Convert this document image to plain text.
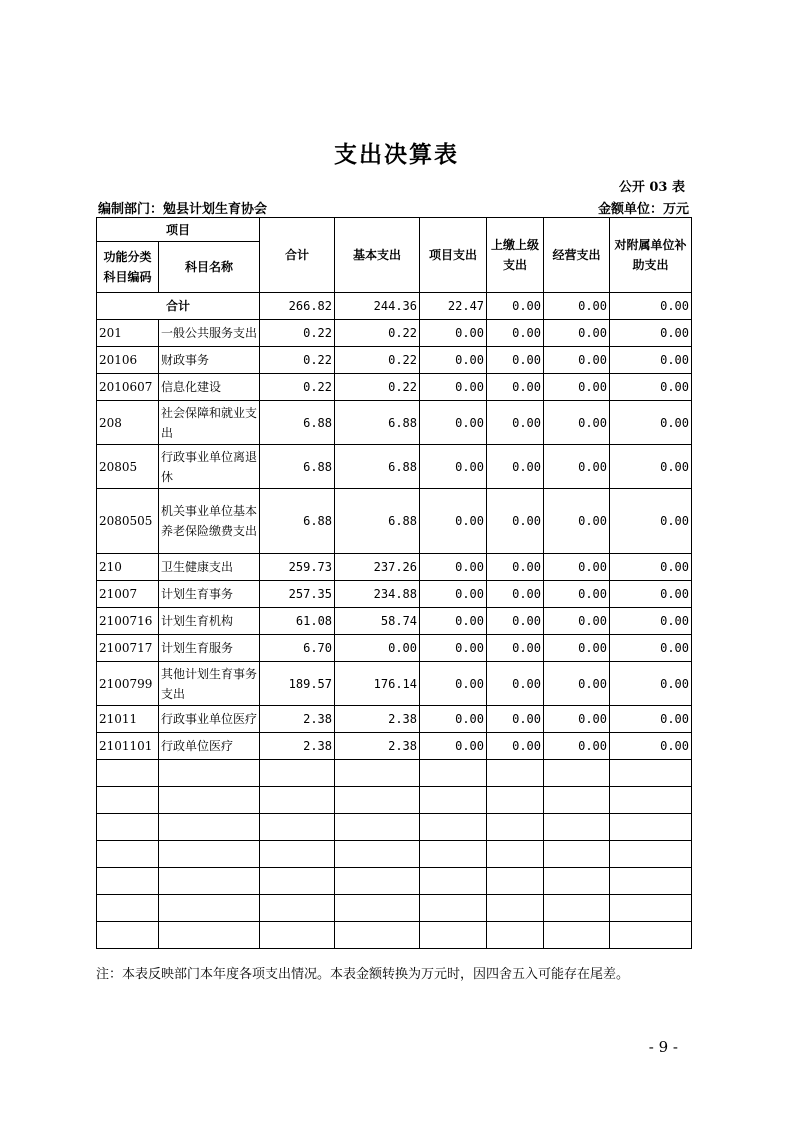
支出决算表
公开 03 表
编制部门：勉县计划生育协会	金额单位：万元
项目		合计	基本支出	项目支出	上缴上级支出	经营支出	对附属单位补助支出
功能分类科目编码	科目名称						
合计		266.82	244.36	22.47	0.00	0.00	0.00
201	一般公共服务支出	0.22	0.22	0.00	0.00	0.00	0.00
20106	财政事务	0.22	0.22	0.00	0.00	0.00	0.00
2010607	信息化建设	0.22	0.22	0.00	0.00	0.00	0.00
208	社会保障和就业支出	6.88	6.88	0.00	0.00	0.00	0.00
20805	行政事业单位离退休	6.88	6.88	0.00	0.00	0.00	0.00
2080505	机关事业单位基本养老保险缴费支出	6.88	6.88	0.00	0.00	0.00	0.00
210	卫生健康支出	259.73	237.26	0.00	0.00	0.00	0.00
21007	计划生育事务	257.35	234.88	0.00	0.00	0.00	0.00
2100716	计划生育机构	61.08	58.74	0.00	0.00	0.00	0.00
2100717	计划生育服务	6.70	0.00	0.00	0.00	0.00	0.00
2100799	其他计划生育事务支出	189.57	176.14	0.00	0.00	0.00	0.00
21011	行政事业单位医疗	2.38	2.38	0.00	0.00	0.00	0.00
2101101	行政单位医疗	2.38	2.38	0.00	0.00	0.00	0.00

注：本表反映部门本年度各项支出情况。本表金额转换为万元时，因四舍五入可能存在尾差。
- 9 -
